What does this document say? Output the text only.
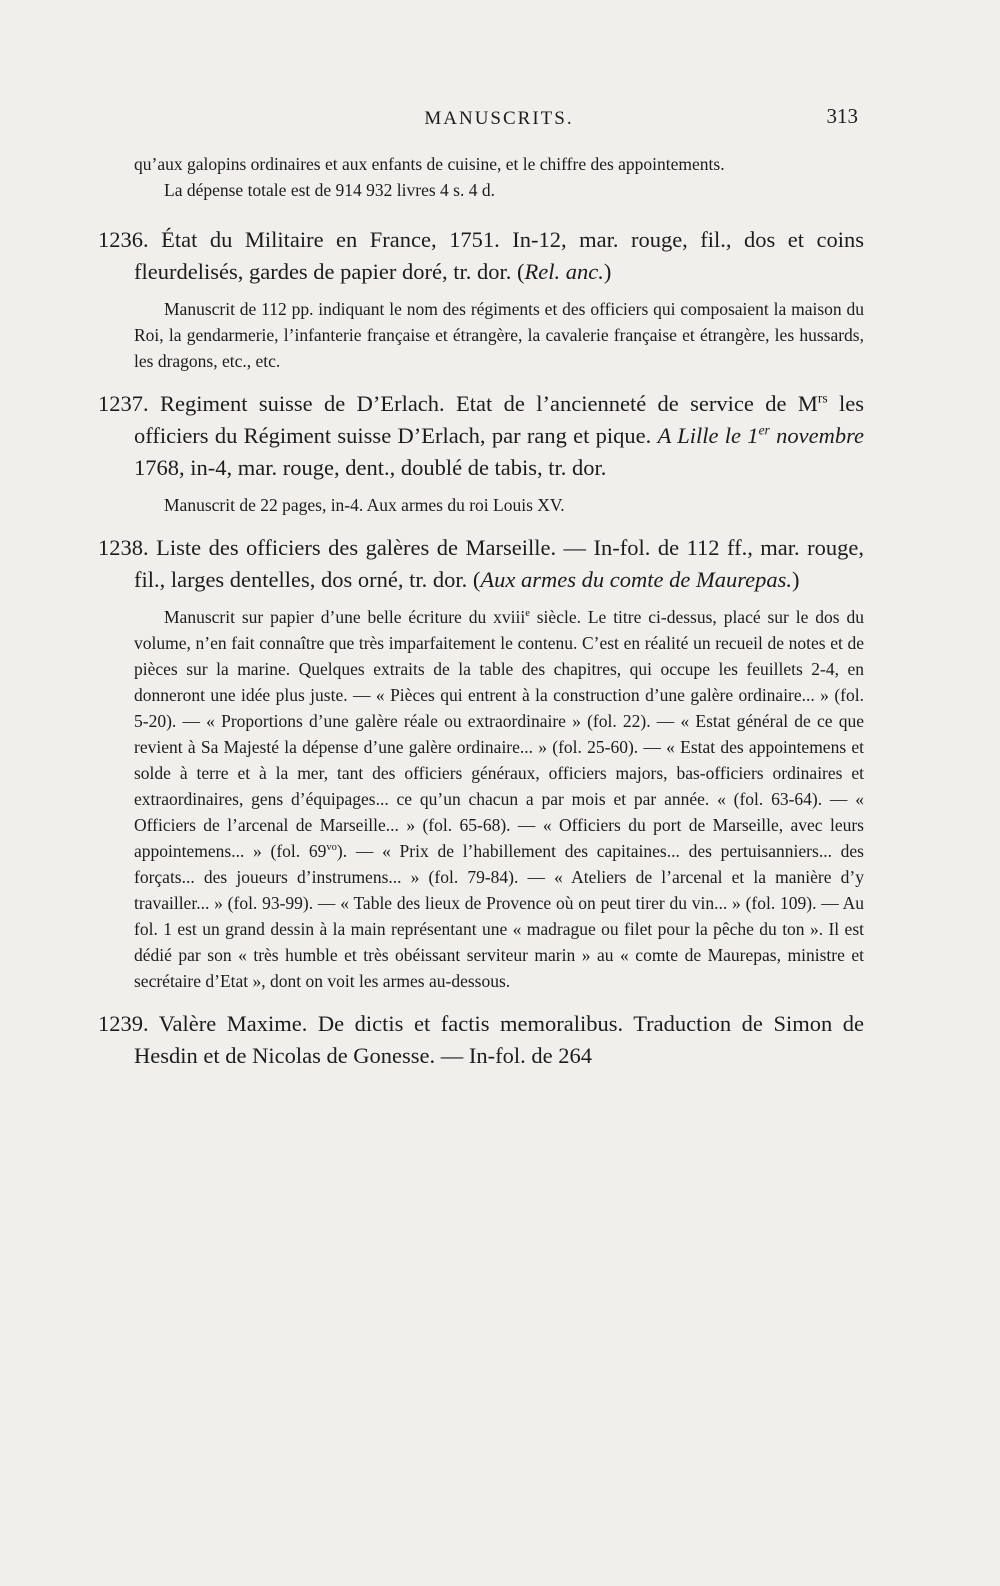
MANUSCRITS.	313

qu’aux galopins ordinaires et aux enfants de cuisine, et le chiffre des appointements.

La dépense totale est de 914 932 livres 4 s. 4 d.

1236. État du Militaire en France, 1751. In-12, mar. rouge, fil., dos et coins fleurdelisés, gardes de papier doré, tr. dor. (Rel. anc.)

Manuscrit de 112 pp. indiquant le nom des régiments et des officiers qui composaient la maison du Roi, la gendarmerie, l’infanterie française et étrangère, la cavalerie française et étrangère, les hussards, les dragons, etc., etc.

1237. Regiment suisse de D’Erlach. Etat de l’ancienneté de service de $M^{rs}$ les officiers du Régiment suisse D’Erlach, par rang et pique. A Lille le 1er novembre 1768, in-4, mar. rouge, dent., doublé de tabis, tr. dor.

Manuscrit de 22 pages, in-4. Aux armes du roi Louis XV.

1238. Liste des officiers des galères de Marseille. — In-fol. de 112 ff., mar. rouge, fil., larges dentelles, dos orné, tr. dor. (Aux armes du comte de Maurepas.)

Manuscrit sur papier d’une belle écriture du xviii$^e$ siècle. Le titre ci-dessus, placé sur le dos du volume, n’en fait connaître que très imparfaitement le contenu. C’est en réalité un recueil de notes et de pièces sur la marine. Quelques extraits de la table des chapitres, qui occupe les feuillets 2-4, en donneront une idée plus juste. — « Pièces qui entrent à la construction d’une galère ordinaire... » (fol. 5-20). — « Proportions d’une galère réale ou extraordinaire » (fol. 22). — « Estat général de ce que revient à Sa Majesté la dépense d’une galère ordinaire... » (fol. 25-60). — « Estat des appointemens et solde à terre et à la mer, tant des officiers généraux, officiers majors, bas-officiers ordinaires et extraordinaires, gens d’équipages... ce qu’un chacun a par mois et par année. « (fol. 63-64). — « Officiers de l’arcenal de Marseille... » (fol. 65-68). — « Officiers du port de Marseille, avec leurs appointemens... » (fol. $69^{vo}$). — « Prix de l’habillement des capitaines... des pertuisanniers... des forçats... des joueurs d’instrumens... » (fol. 79-84). — « Ateliers de l’arcenal et la manière d’y travailler... » (fol. 93-99). — « Table des lieux de Provence où on peut tirer du vin... » (fol. 109). — Au fol. 1 est un grand dessin à la main représentant une « madrague ou filet pour la pêche du ton ». Il est dédié par son « très humble et très obéissant serviteur marin » au « comte de Maurepas, ministre et secrétaire d’Etat », dont on voit les armes au-dessous.

1239. Valère Maxime. De dictis et factis memoralibus. Traduction de Simon de Hesdin et de Nicolas de Gonesse. — In-fol. de 264
